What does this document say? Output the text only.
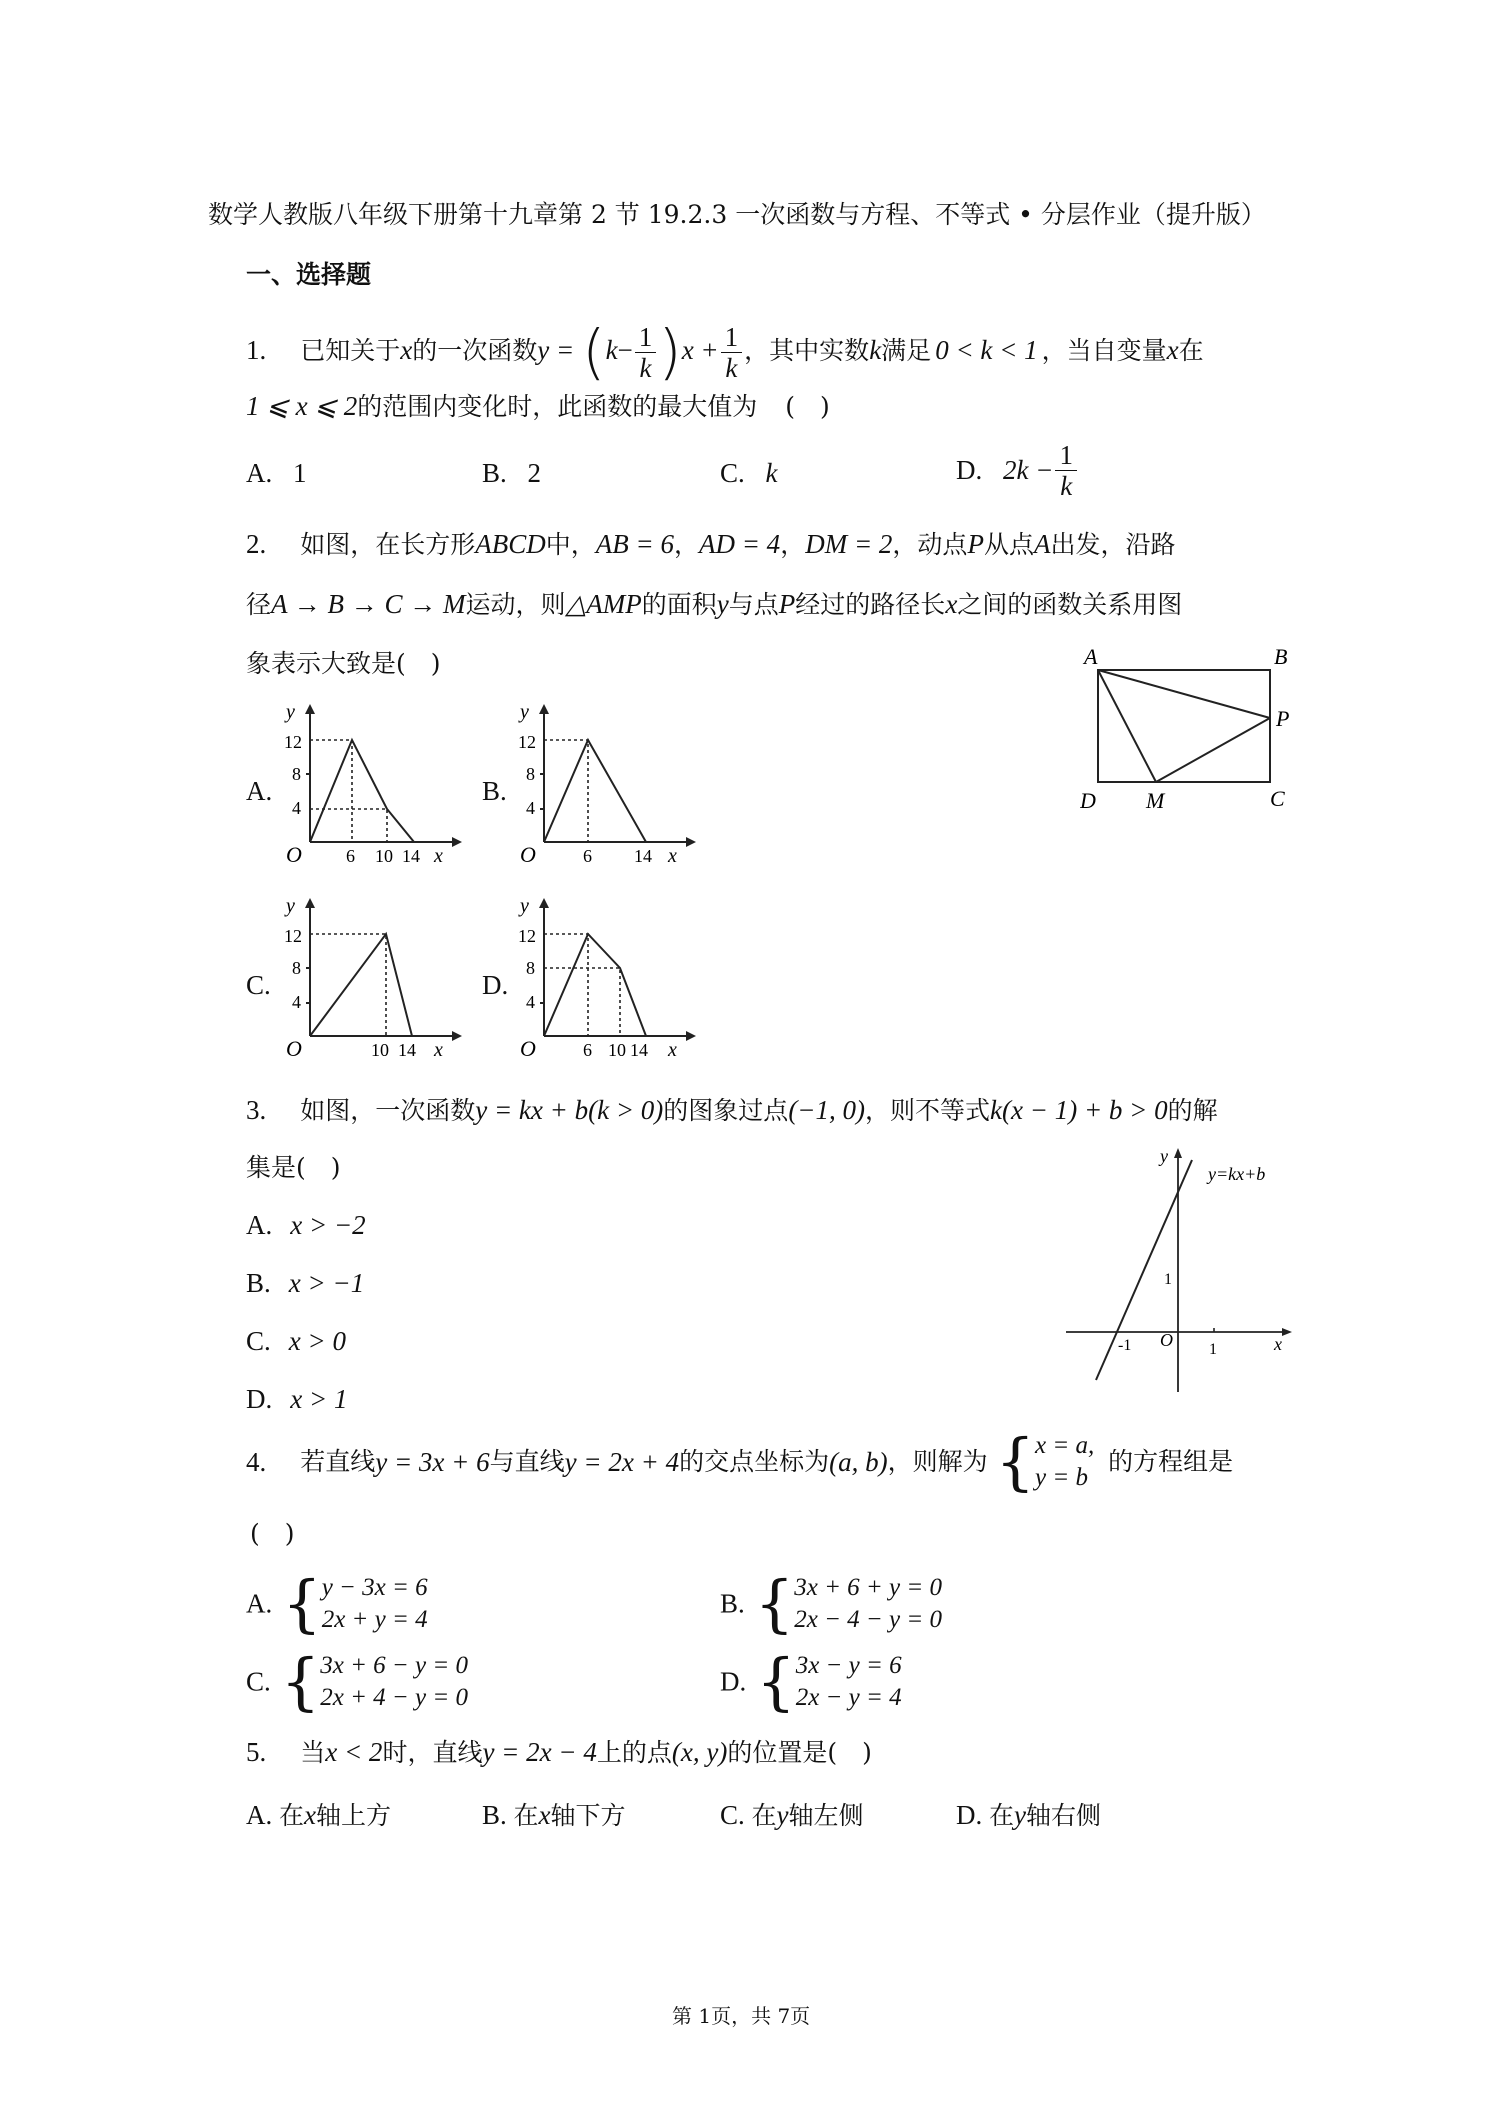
数学人教版八年级下册第十九章第 2 节 19.2.3 一次函数与方程、不等式 • 分层作业（提升版）
一、选择题
1. 已知关于x的一次函数$y = (k- \frac{1}{k} )x + \frac{1}{k}$ ，其中实数k满足 0 < k < 1 ，当自变量x在
1 ⩽ x ⩽ 2的范围内变化时，此函数的最大值为 (　)
A. 1	B. 2	C. k	D. $2k - \frac{1}{k}$
2. 如图，在长方形ABCD中，AB = 6，AD = 4，DM = 2，动点P从点A出发，沿路
径A → B → C → M运动，则△AMP的面积y与点P经过的路径长x之间的函数关系用图
象表示大致是(　)	A	B
P
D M	C
A.
y
12
8
4
O 6 10 14 x
B.
y
12
8
4
O	6 14 x
C.
y
12
8
4
O	10 14 x
D.
y
12
8
4
O	6 10 14 x
3. 如图，一次函数y = kx + b(k > 0)的图象过点(−1, 0)，则不等式k(x − 1) + b > 0的解
集是(　)
A. x > −2
B. x > −1
C. x > 0
D. x > 1
y
y=kx+b
1
-1 O 1	x
4. 若直线y = 3x + 6与直线y = 2x + 4的交点坐标为(a, b)，则解为 { x = a,
y = b
的方程组是
(　)
A. { y − 3x = 6
2x + y = 4
B. { 3x + 6 + y = 0
2x − 4 − y = 0
C. { 3x + 6 − y = 0
2x + 4 − y = 0
D. { 3x − y = 6
2x − y = 4
5. 当x < 2时，直线y = 2x − 4上的点(x, y)的位置是(　)
A. 在x轴上方	B. 在x轴下方	C. 在y轴左侧	D. 在y轴右侧
第 1页，共 7页
